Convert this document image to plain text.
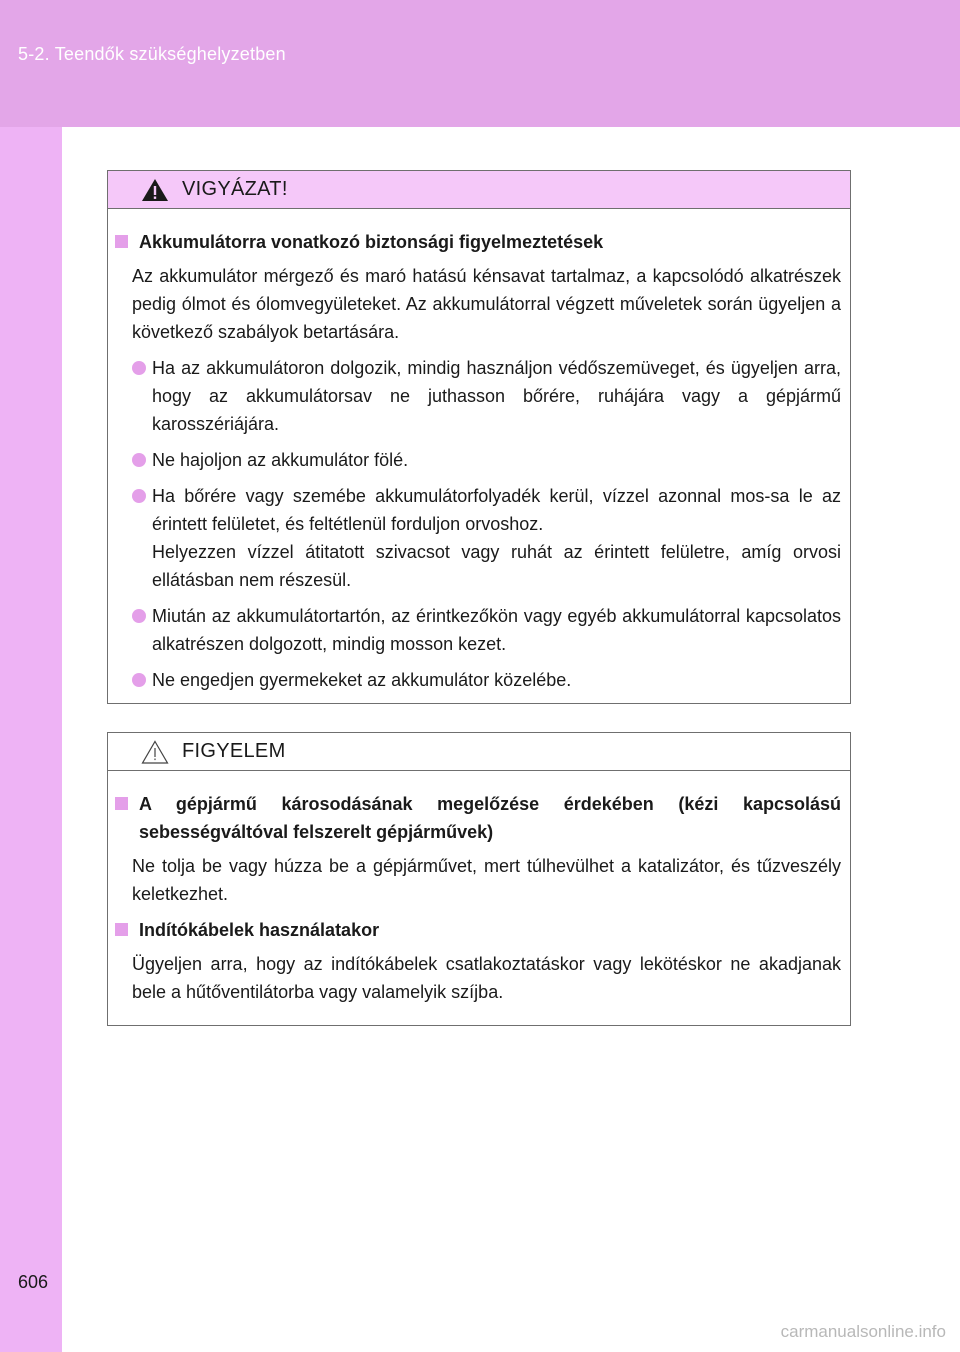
5-2. Teendők szükséghelyzetben
VIGYÁZAT!
Akkumulátorra vonatkozó biztonsági figyelmeztetések
Az akkumulátor mérgező és maró hatású kénsavat tartalmaz, a kapcsolódó alkatrészek pedig ólmot és ólomvegyületeket. Az akkumulátorral végzett műveletek során ügyeljen a következő szabályok betartására.
Ha az akkumulátoron dolgozik, mindig használjon védőszemüveget, és ügyeljen arra, hogy az akkumulátorsav ne juthasson bőrére, ruhájára vagy a gépjármű karosszériájára.
Ne hajoljon az akkumulátor fölé.
Ha bőrére vagy szemébe akkumulátorfolyadék kerül, vízzel azonnal mos-sa le az érintett felületet, és feltétlenül forduljon orvoshoz.
Helyezzen vízzel átitatott szivacsot vagy ruhát az érintett felületre, amíg orvosi ellátásban nem részesül.
Miután az akkumulátortartón, az érintkezőkön vagy egyéb akkumulátorral kapcsolatos alkatrészen dolgozott, mindig mosson kezet.
Ne engedjen gyermekeket az akkumulátor közelébe.
FIGYELEM
A gépjármű károsodásának megelőzése érdekében (kézi kapcsolású sebességváltóval felszerelt gépjárművek)
Ne tolja be vagy húzza be a gépjárművet, mert túlhevülhet a katalizátor, és tűzveszély keletkezhet.
Indítókábelek használatakor
Ügyeljen arra, hogy az indítókábelek csatlakoztatáskor vagy lekötéskor ne akadjanak bele a hűtőventilátorba vagy valamelyik szíjba.
606
carmanualsonline.info
